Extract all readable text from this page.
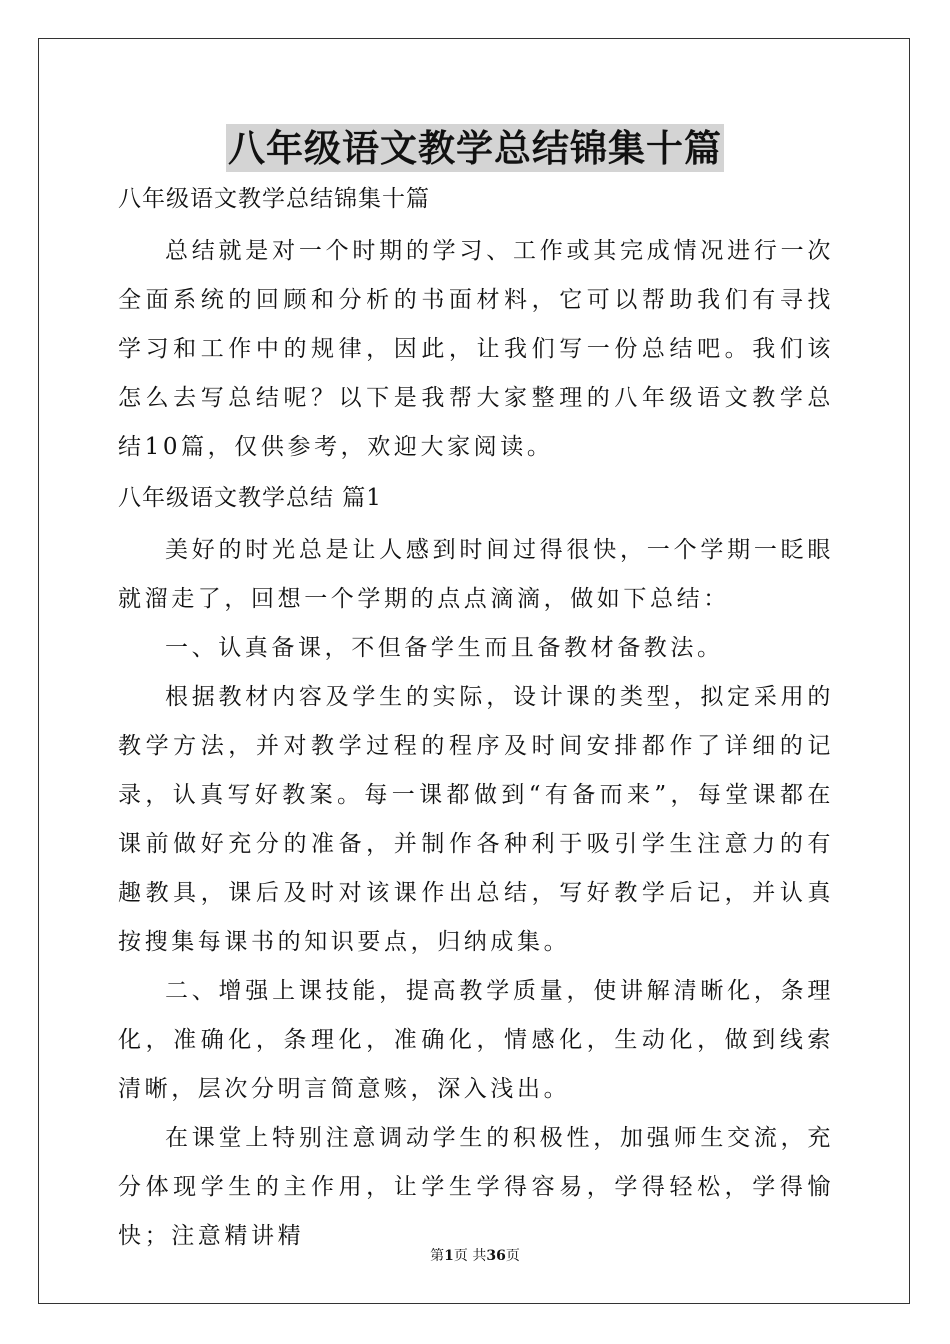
八年级语文教学总结锦集十篇
八年级语文教学总结锦集十篇

总结就是对一个时期的学习、工作或其完成情况进行一次全面系统的回顾和分析的书面材料，它可以帮助我们有寻找学习和工作中的规律，因此，让我们写一份总结吧。我们该怎么去写总结呢？以下是我帮大家整理的八年级语文教学总结10篇，仅供参考，欢迎大家阅读。

八年级语文教学总结 篇1

美好的时光总是让人感到时间过得很快，一个学期一眨眼就溜走了，回想一个学期的点点滴滴，做如下总结：

一、认真备课，不但备学生而且备教材备教法。

根据教材内容及学生的实际，设计课的类型，拟定采用的教学方法，并对教学过程的程序及时间安排都作了详细的记录，认真写好教案。每一课都做到“有备而来”，每堂课都在课前做好充分的准备，并制作各种利于吸引学生注意力的有趣教具，课后及时对该课作出总结，写好教学后记，并认真按搜集每课书的知识要点，归纳成集。

二、增强上课技能，提高教学质量，使讲解清晰化，条理化，准确化，条理化，准确化，情感化，生动化，做到线索清晰，层次分明言简意赅，深入浅出。

在课堂上特别注意调动学生的积极性，加强师生交流，充分体现学生的主作用，让学生学得容易，学得轻松，学得愉快；注意精讲精

第1页 共36页
